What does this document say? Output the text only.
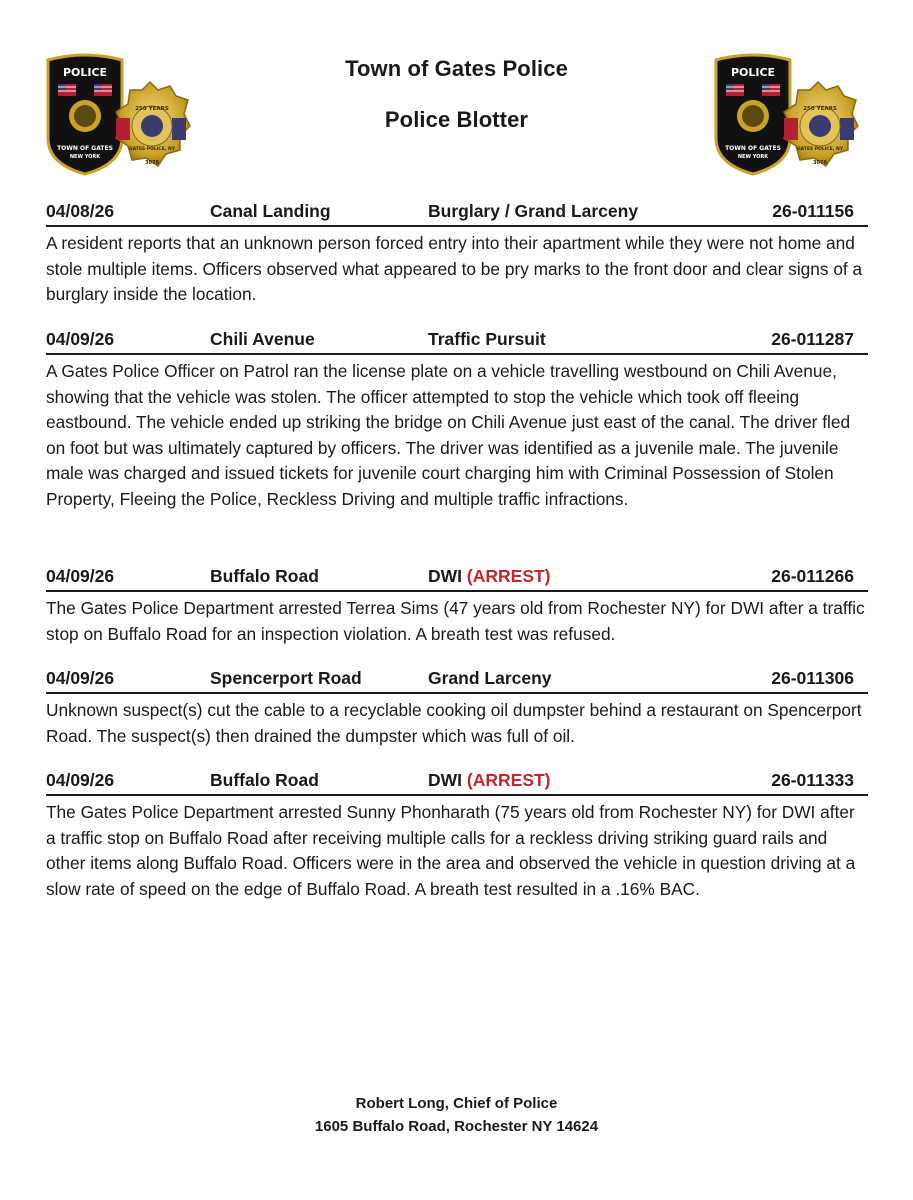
POLICE
TOWN OF GATES
NEW YORK
250 YEARS
GATES POLICE, NY
3078
POLICE
TOWN OF GATES
NEW YORK
250 YEARS
GATES POLICE, NY
3078
Town of Gates Police
Police Blotter
04/08/26	Canal Landing	Burglary / Grand Larceny	26-011156
A resident reports that an unknown person forced entry into their apartment while they were not home and stole multiple items. Officers observed what appeared to be pry marks to the front door and clear signs of a burglary inside the location.
04/09/26	Chili Avenue	Traffic Pursuit	26-011287
A Gates Police Officer on Patrol ran the license plate on a vehicle travelling westbound on Chili Avenue, showing that the vehicle was stolen. The officer attempted to stop the vehicle which took off fleeing eastbound. The vehicle ended up striking the bridge on Chili Avenue just east of the canal. The driver fled on foot but was ultimately captured by officers. The driver was identified as a juvenile male. The juvenile male was charged and issued tickets for juvenile court charging him with Criminal Possession of Stolen Property, Fleeing the Police, Reckless Driving and multiple traffic infractions.
04/09/26	Buffalo Road	DWI (ARREST)	26-011266
The Gates Police Department arrested Terrea Sims (47 years old from Rochester NY) for DWI after a traffic stop on Buffalo Road for an inspection violation. A breath test was refused.
04/09/26	Spencerport Road	Grand Larceny	26-011306
Unknown suspect(s) cut the cable to a recyclable cooking oil dumpster behind a restaurant on Spencerport Road. The suspect(s) then drained the dumpster which was full of oil.
04/09/26	Buffalo Road	DWI (ARREST)	26-011333
The Gates Police Department arrested Sunny Phonharath (75 years old from Rochester NY) for DWI after a traffic stop on Buffalo Road after receiving multiple calls for a reckless driving striking guard rails and other items along Buffalo Road. Officers were in the area and observed the vehicle in question driving at a slow rate of speed on the edge of Buffalo Road. A breath test resulted in a .16% BAC.
Robert Long, Chief of Police
1605 Buffalo Road, Rochester NY 14624
